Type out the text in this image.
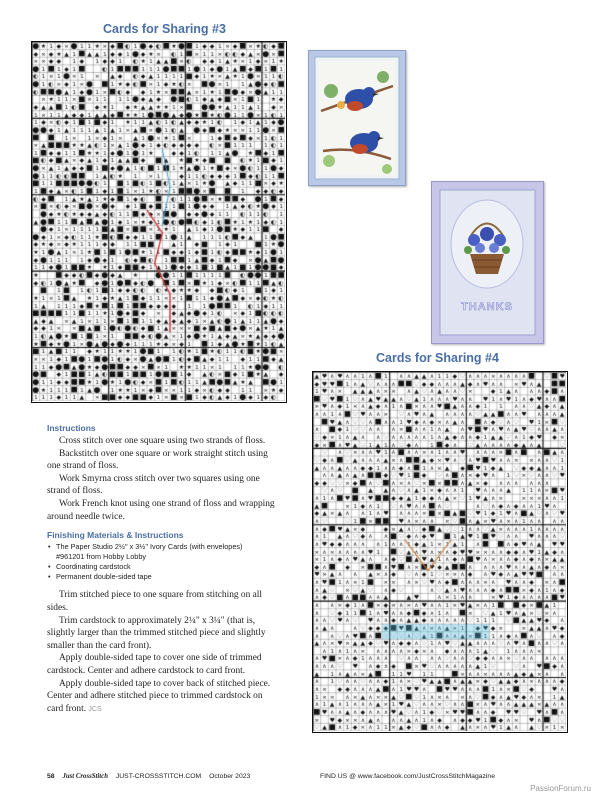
Cards for Sharing #3
THANKS
Cards for Sharing #4
Instructions

Cross stitch over one square using two strands of floss.

Backstitch over one square or work straight stitch using one strand of floss.

Work Smyrna cross stitch over two squares using one strand of floss.

Work French knot using one strand of floss and wrapping around needle twice.

Finishing Materials & Instructions
• The Paper Studio 2½" x 3½" Ivory Cards (with envelopes)
#961201 from Hobby Lobby
• Coordinating cardstock
• Permanent double-sided tape

Trim stitched piece to one square from stitching on all sides.

Trim cardstock to approximately 2¼" x 3¼" (that is, slightly larger than the trimmed stitched piece and slightly smaller than the card front).

Apply double-sided tape to cover one side of trimmed cardstock. Center and adhere cardstock to card front.

Apply double-sided tape to cover back of stitched piece. Center and adhere stitched piece to trimmed cardstock on card front. JCS

58 Just CrossStitch JUST-CROSSSTITCH.COM October 2023	FIND US @ www.facebook.com/JustCrossStitchMagazine
PassionForum.ru
